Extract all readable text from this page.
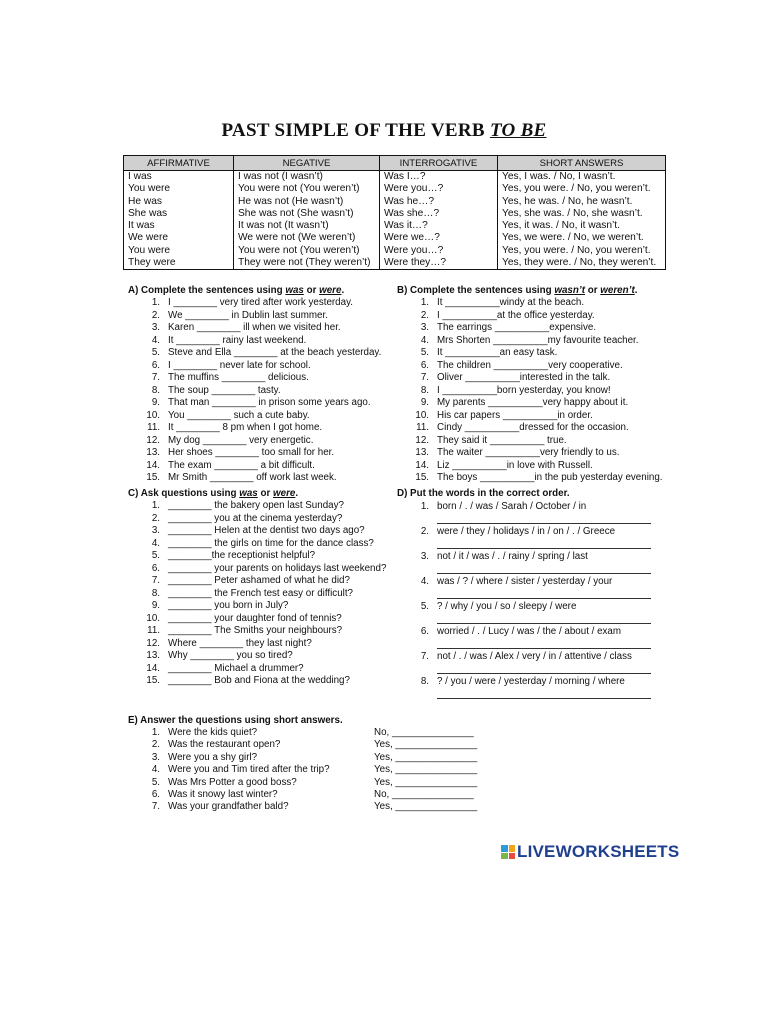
PAST SIMPLE OF THE VERB TO BE
AFFIRMATIVE	NEGATIVE	INTERROGATIVE	SHORT ANSWERS
I was	I was not (I wasn’t)	Was I…?	Yes, I was. / No, I wasn’t.
You were	You were not (You weren’t)	Were you…?	Yes, you were. / No, you weren’t.
He was	He was not (He wasn’t)	Was he…?	Yes, he was. / No, he wasn’t.
She was	She was not (She wasn’t)	Was she…?	Yes, she was. / No, she wasn’t.
It was	It was not (It wasn’t)	Was it…?	Yes, it was. / No, it wasn’t.
We were	We were not (We weren’t)	Were we…?	Yes, we were. / No, we weren’t.
You were	You were not (You weren’t)	Were you…?	Yes, you were. / No, you weren’t.
They were	They were not (They weren’t)	Were they…?	Yes, they were. / No, they weren’t.
A) Complete the sentences using was or were.
1. I ________ very tired after work yesterday.
2. We ________ in Dublin last summer.
3. Karen ________ ill when we visited her.
4. It ________ rainy last weekend.
5. Steve and Ella ________ at the beach yesterday.
6. I ________ never late for school.
7. The muffins ________ delicious.
8. The soup ________ tasty.
9. That man ________ in prison some years ago.
10. You ________ such a cute baby.
11. It ________ 8 pm when I got home.
12. My dog ________ very energetic.
13. Her shoes ________ too small for her.
14. The exam ________ a bit difficult.
15. Mr Smith ________ off work last week.
B) Complete the sentences using wasn’t or weren’t.
1. It __________windy at the beach.
2. I __________at the office yesterday.
3. The earrings __________expensive.
4. Mrs Shorten __________my favourite teacher.
5. It __________an easy task.
6. The children __________very cooperative.
7. Oliver __________interested in the talk.
8. I __________born yesterday, you know!
9. My parents __________very happy about it.
10. His car papers __________in order.
11. Cindy __________dressed for the occasion.
12. They said it __________ true.
13. The waiter __________very friendly to us.
14. Liz __________in love with Russell.
15. The boys __________in the pub yesterday evening.
C) Ask questions using was or were.
1. ________ the bakery open last Sunday?
2. ________ you at the cinema yesterday?
3. ________ Helen at the dentist two days ago?
4. ________ the girls on time for the dance class?
5. ________the receptionist helpful?
6. ________ your parents on holidays last weekend?
7. ________ Peter ashamed of what he did?
8. ________ the French test easy or difficult?
9. ________ you born in July?
10. ________ your daughter fond of tennis?
11. ________ The Smiths your neighbours?
12. Where ________ they last night?
13. Why ________ you so tired?
14. ________ Michael a drummer?
15. ________ Bob and Fiona at the wedding?
D) Put the words in the correct order.
1. born / . / was / Sarah / October / in
2. were / they / holidays / in / on / . / Greece
3. not / it / was / . / rainy / spring / last
4. was / ? / where / sister / yesterday / your
5. ? / why / you / so / sleepy / were
6. worried / . / Lucy / was / the / about / exam
7. not / . / was / Alex / very / in / attentive / class
8. ? / you / were / yesterday / morning / where
E) Answer the questions using short answers.
1. Were the kids quiet?	No, _______________
2. Was the restaurant open?	Yes, _______________
3. Were you a shy girl?	Yes, _______________
4. Were you and Tim tired after the trip?	Yes, _______________
5. Was Mrs Potter a good boss?	Yes, _______________
6. Was it snowy last winter?	No, _______________
7. Was your grandfather bald?	Yes, _______________
LIVEWORKSHEETS
